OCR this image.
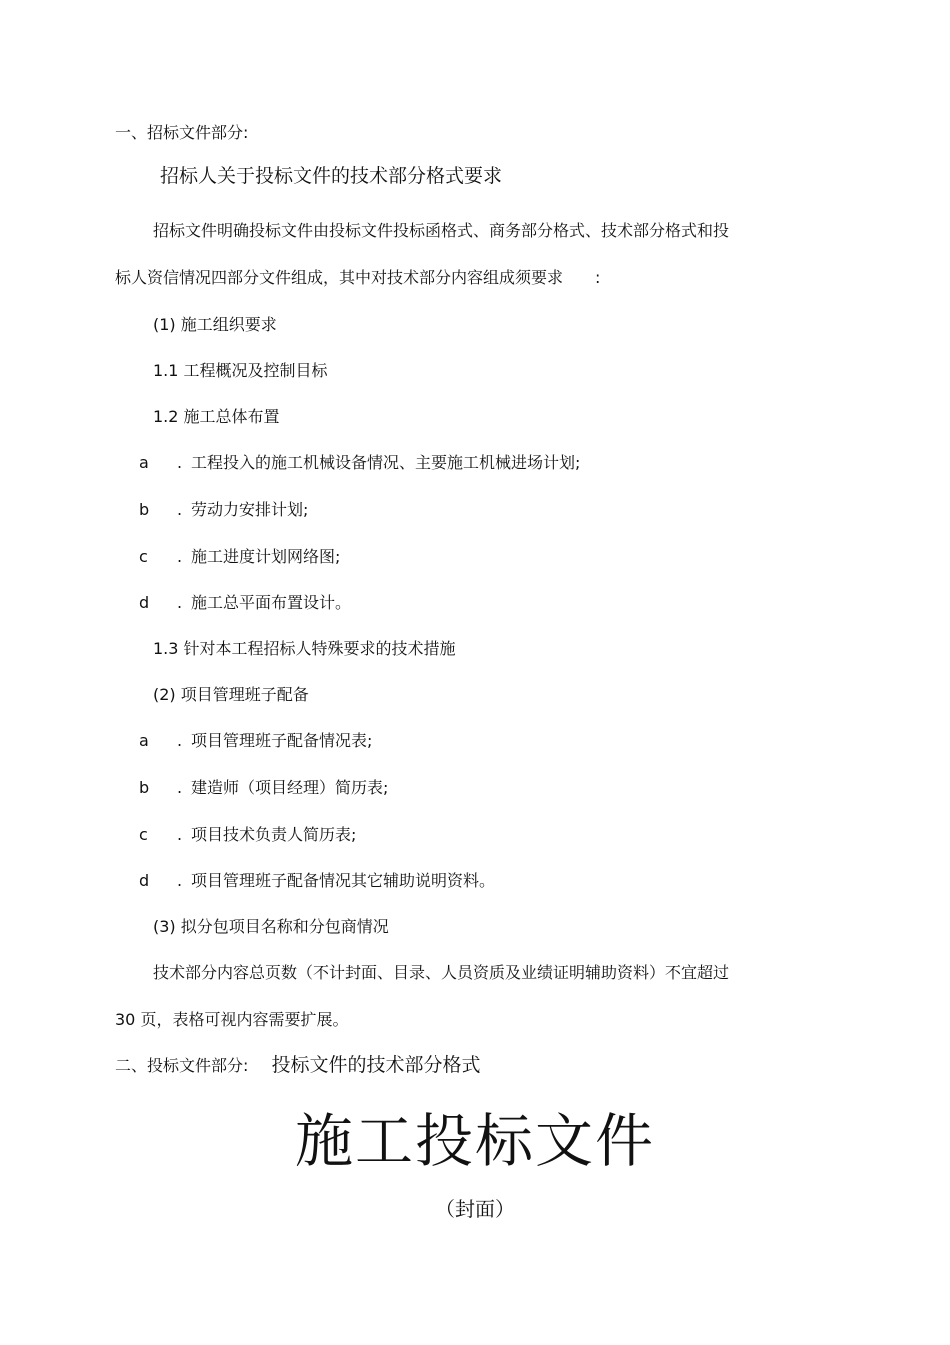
一、招标文件部分:
招标人关于投标文件的技术部分格式要求
招标文件明确投标文件由投标文件投标函格式、商务部分格式、技术部分格式和投
标人资信情况四部分文件组成，其中对技术部分内容组成须要求　　:
(1) 施工组织要求
1.1 工程概况及控制目标
1.2 施工总体布置
a . 工程投入的施工机械设备情况、主要施工机械进场计划;
b . 劳动力安排计划;
c . 施工进度计划网络图;
d . 施工总平面布置设计。
1.3 针对本工程招标人特殊要求的技术措施
(2) 项目管理班子配备
a . 项目管理班子配备情况表;
b . 建造师（项目经理）简历表;
c . 项目技术负责人简历表;
d . 项目管理班子配备情况其它辅助说明资料。
(3) 拟分包项目名称和分包商情况
技术部分内容总页数（不计封面、目录、人员资质及业绩证明辅助资料）不宜超过
30 页，表格可视内容需要扩展。
二、投标文件部分: 投标文件的技术部分格式
施工投标文件
（封面）
